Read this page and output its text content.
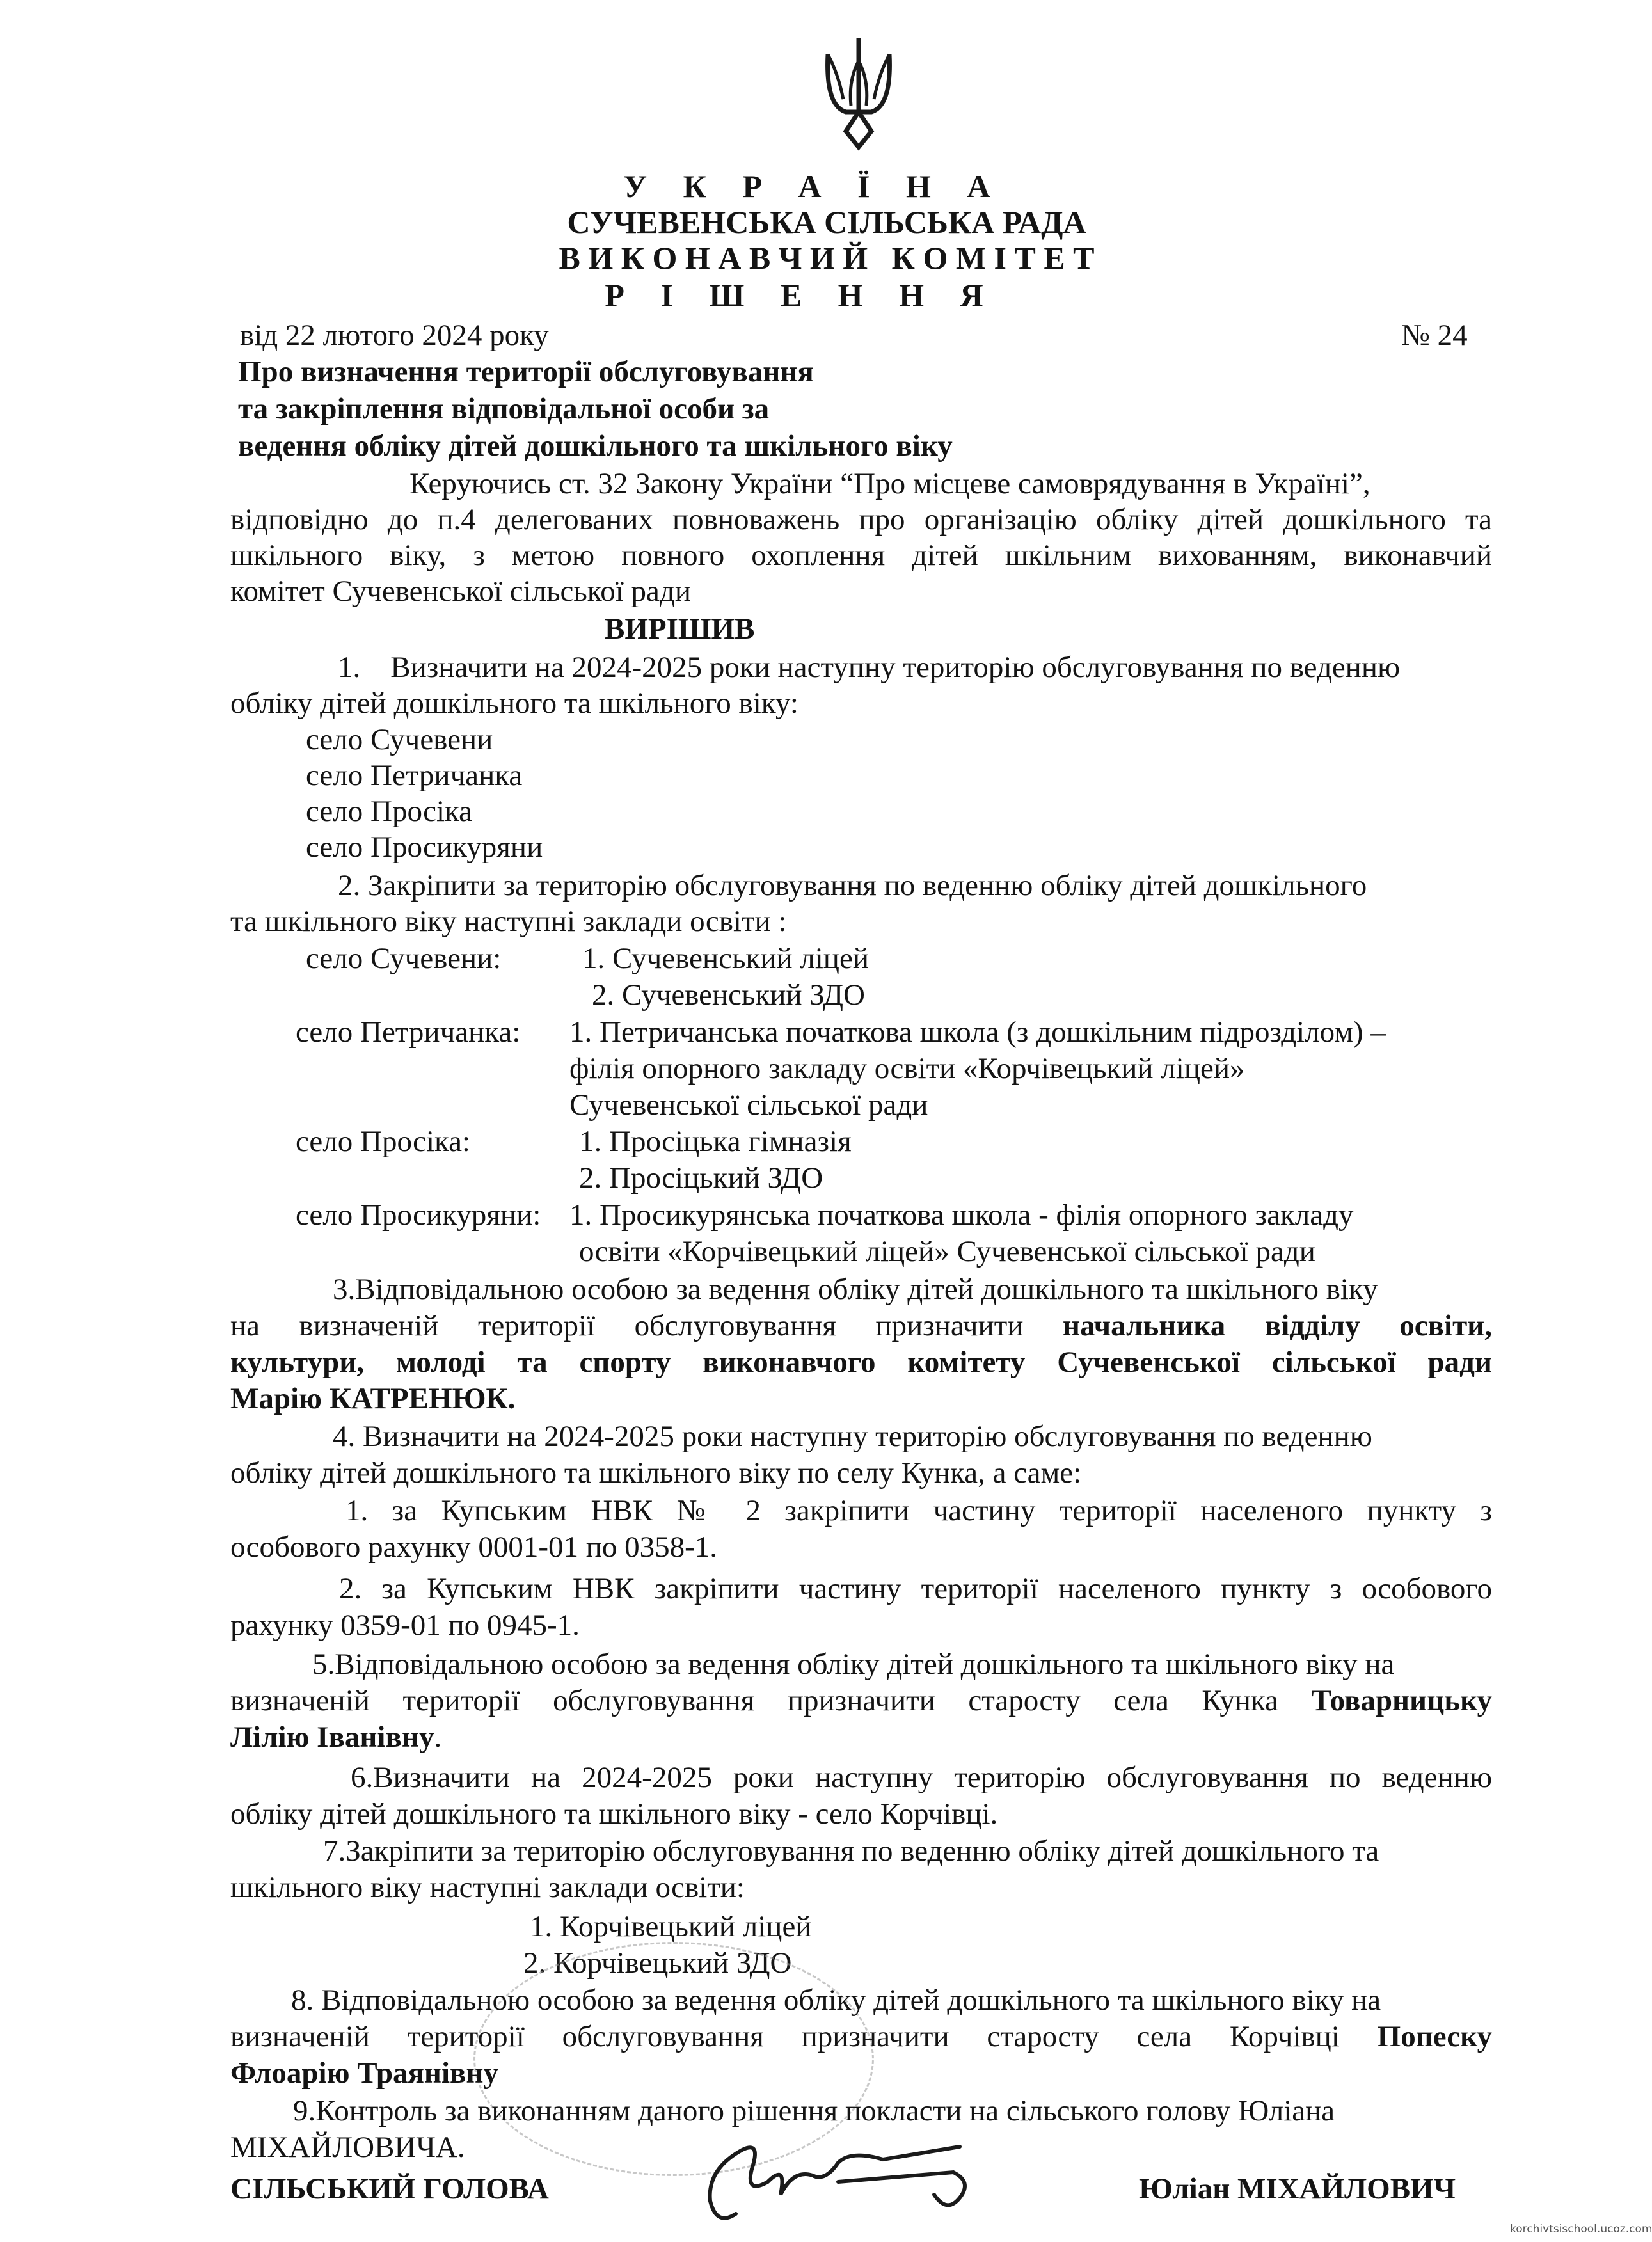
У К Р А Ї Н А
СУЧЕВЕНСЬКА СІЛЬСЬКА РАДА
В И К О Н А В Ч И Й   К О М І Т Е Т
Р І Ш Е Н Н Я
від 22 лютого 2024 року	№ 24
Про визначення території обслуговування
та закріплення відповідальної особи за
ведення обліку дітей дошкільного та шкільного віку
Керуючись ст. 32 Закону України “Про місцеве самоврядування в Україні”,
відповідно до п.4 делегованих повноважень про організацію обліку дітей дошкільного та
шкільного віку, з метою повного охоплення дітей шкільним вихованням, виконавчий
комітет Сучевенської сільської ради
ВИРІШИВ
1.    Визначити на 2024-2025 роки наступну територію обслуговування по веденню
обліку дітей дошкільного та шкільного віку:
село Сучевени
село Петричанка
село Просіка
село Просикуряни
2. Закріпити за територію обслуговування по веденню обліку дітей дошкільного
та шкільного віку наступні заклади освіти :
село Сучевени:	1. Сучевенський ліцей
2. Сучевенський ЗДО
село Петричанка: 1. Петричанська початкова школа (з дошкільним підрозділом) –
філія опорного закладу освіти «Корчівецький ліцей»
Сучевенської сільської ради
село Просіка:	1. Просіцька гімназія
2. Просіцький ЗДО
село Просикуряни: 1. Просикурянська початкова школа - філія опорного закладу
освіти «Корчівецький ліцей» Сучевенської сільської ради
3.Відповідальною особою за ведення обліку дітей дошкільного та шкільного віку
на визначеній території обслуговування призначити начальника відділу освіти,
культури, молоді та спорту виконавчого комітету Сучевенської сільської ради
Марію КАТРЕНЮК.
4. Визначити на 2024-2025 роки наступну територію обслуговування по веденню
обліку дітей дошкільного та шкільного віку по селу Кунка, а саме:
1. за Купським НВК № 2 закріпити частину території населеного пункту з
особового рахунку 0001-01 по 0358-1.
2. за Купським НВК закріпити частину території населеного пункту з особового
рахунку 0359-01 по 0945-1.
5.Відповідальною особою за ведення обліку дітей дошкільного та шкільного віку на
визначеній території обслуговування призначити старосту села Кунка Товарницьку
Лілію Іванівну.
6.Визначити на 2024-2025 роки наступну територію обслуговування по веденню
обліку дітей дошкільного та шкільного віку - село Корчівці.
7.Закріпити за територію обслуговування по веденню обліку дітей дошкільного та
шкільного віку наступні заклади освіти:
1. Корчівецький ліцей
2. Корчівецький ЗДО
8. Відповідальною особою за ведення обліку дітей дошкільного та шкільного віку на
визначеній території обслуговування призначити старосту села Корчівці Попеску
Флоарію Траянівну
9.Контроль за виконанням даного рішення покласти на сільського голову Юліана
МІХАЙЛОВИЧА.
СІЛЬСЬКИЙ ГОЛОВА	Юліан МІХАЙЛОВИЧ
korchivtsischool.ucoz.com
